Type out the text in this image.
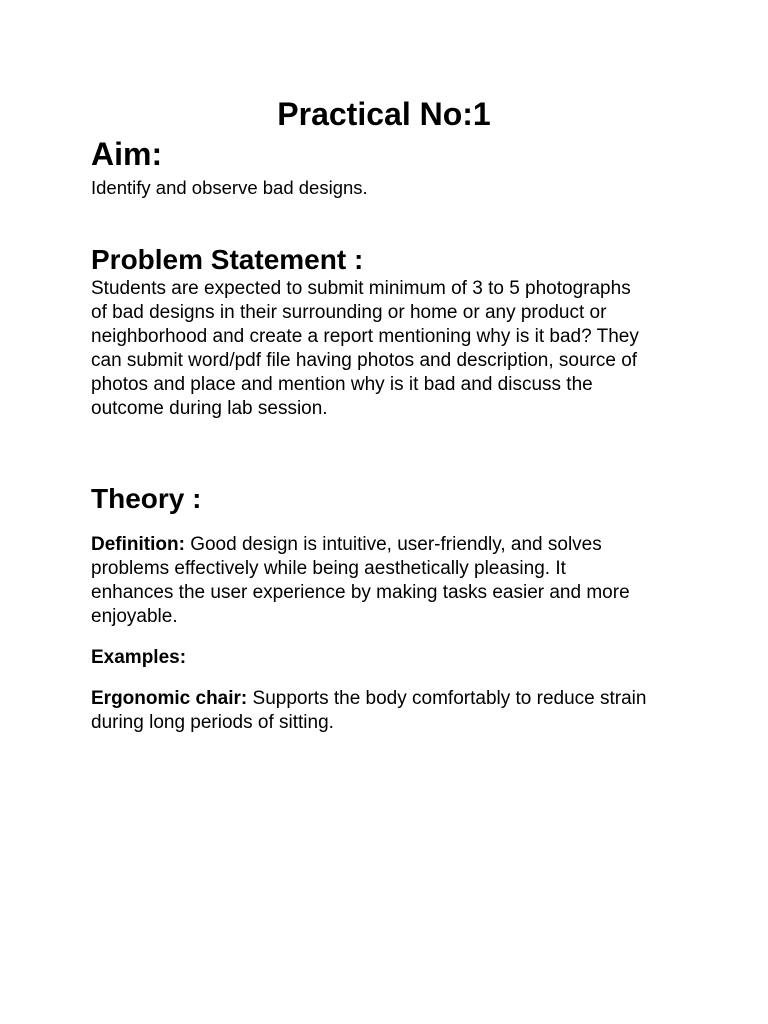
Practical No:1
Aim:

Identify and observe bad designs.

Problem Statement :
Students are expected to submit minimum of 3 to 5 photographs
of bad designs in their surrounding or home or any product or
neighborhood and create a report mentioning why is it bad? They
can submit word/pdf file having photos and description, source of
photos and place and mention why is it bad and discuss the
outcome during lab session.
Theory :
Definition: Good design is intuitive, user-friendly, and solves
problems effectively while being aesthetically pleasing. It
enhances the user experience by making tasks easier and more
enjoyable.
Examples:
Ergonomic chair: Supports the body comfortably to reduce strain
during long periods of sitting.
